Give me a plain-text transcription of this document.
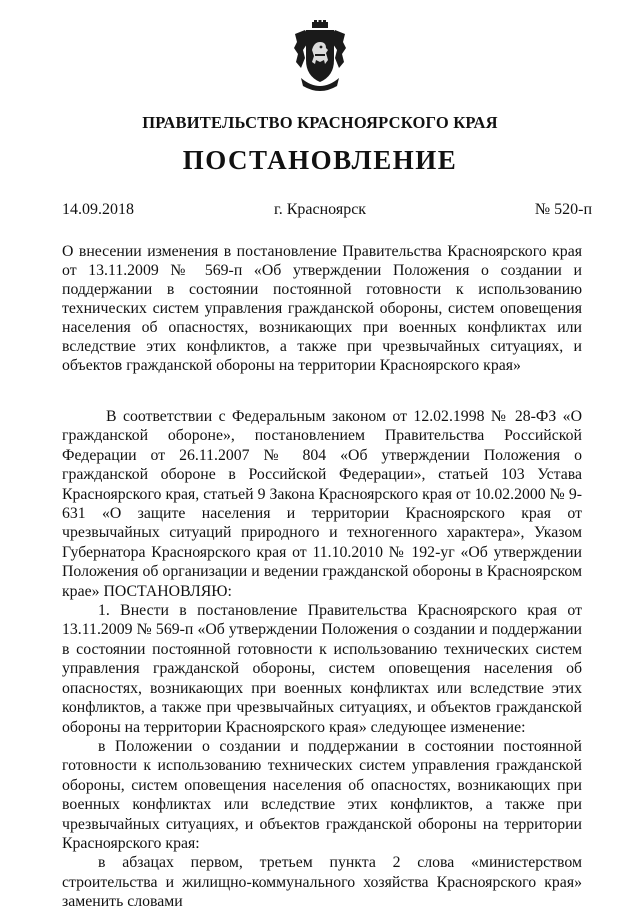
ПРАВИТЕЛЬСТВО КРАСНОЯРСКОГО КРАЯ
ПОСТАНОВЛЕНИЕ
14.09.2018	г. Красноярск	№ 520-п
О внесении изменения в постановление Правительства Красноярского края от 13.11.2009 № 569-п «Об утверждении Положения о создании и поддержании в состоянии постоянной готовности к использованию технических систем управления гражданской обороны, систем оповещения населения об опасностях, возникающих при военных конфликтах или вследствие этих конфликтов, а также при чрезвычайных ситуациях, и объектов гражданской обороны на территории Красноярского края»

В соответствии с Федеральным законом от 12.02.1998 № 28-ФЗ «О гражданской обороне», постановлением Правительства Российской Федерации от 26.11.2007 № 804 «Об утверждении Положения о гражданской обороне в Российской Федерации», статьей 103 Устава Красноярского края, статьей 9 Закона Красноярского края от 10.02.2000 № 9-631 «О защите населения и территории Красноярского края от чрезвычайных ситуаций природного и техногенного характера», Указом Губернатора Красноярского края от 11.10.2010 № 192-уг «Об утверждении Положения об организации и ведении гражданской обороны в Красноярском крае» ПОСТАНОВЛЯЮ:

1. Внести в постановление Правительства Красноярского края от 13.11.2009 № 569-п «Об утверждении Положения о создании и поддержании в состоянии постоянной готовности к использованию технических систем управления гражданской обороны, систем оповещения населения об опасностях, возникающих при военных конфликтах или вследствие этих конфликтов, а также при чрезвычайных ситуациях, и объектов гражданской обороны на территории Красноярского края» следующее изменение:

в Положении о создании и поддержании в состоянии постоянной готовности к использованию технических систем управления гражданской обороны, систем оповещения населения об опасностях, возникающих при военных конфликтах или вследствие этих конфликтов, а также при чрезвычайных ситуациях, и объектов гражданской обороны на территории Красноярского края:

в абзацах первом, третьем пункта 2 слова «министерством строительства и жилищно-коммунального хозяйства Красноярского края» заменить словами
